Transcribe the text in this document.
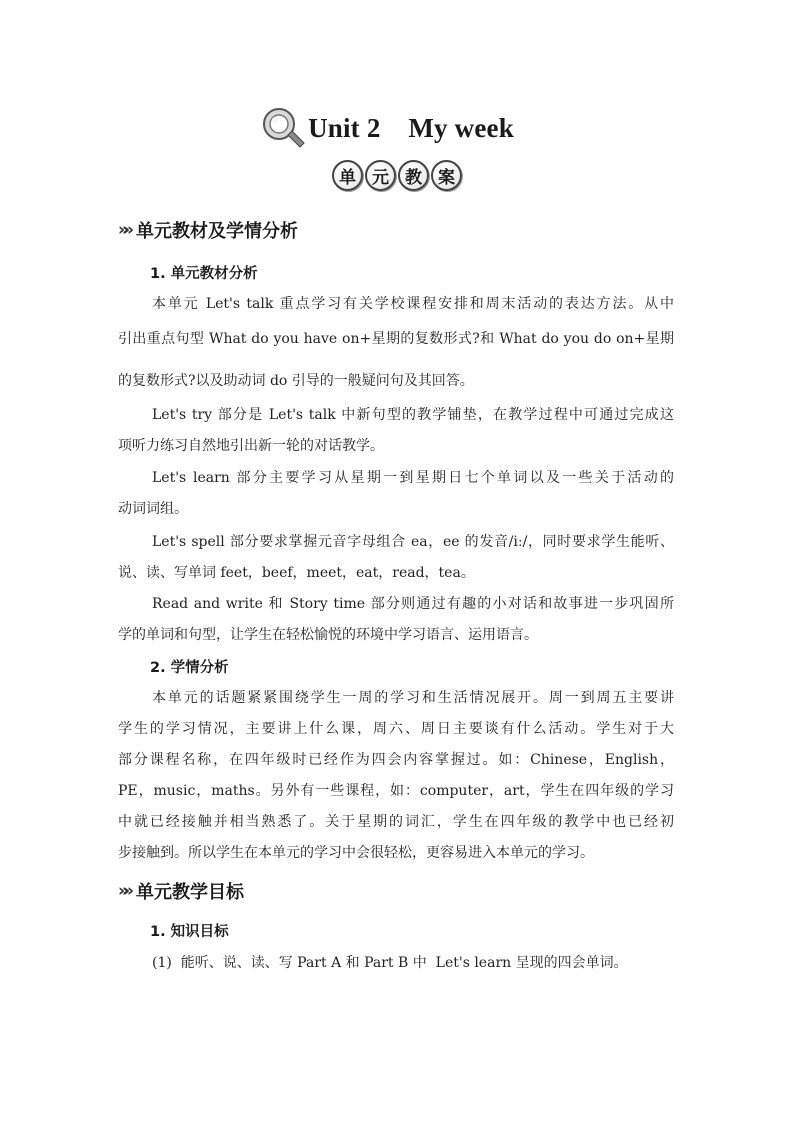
Unit 2    My week
单 元 教 案
»» 单元教材及学情分析
1. 单元教材分析
本单元 Let's talk 重点学习有关学校课程安排和周末活动的表达方法。从中
引出重点句型 What do you have on+星期的复数形式?和 What do you do on+星期
的复数形式?以及助动词 do 引导的一般疑问句及其回答。
Let's try 部分是 Let's talk 中新句型的教学铺垫，在教学过程中可通过完成这
项听力练习自然地引出新一轮的对话教学。
Let's learn 部分主要学习从星期一到星期日七个单词以及一些关于活动的
动词词组。
Let's spell 部分要求掌握元音字母组合 ea，ee 的发音/iː/，同时要求学生能听、
说、读、写单词 feet，beef，meet，eat，read，tea。
Read and write 和 Story time 部分则通过有趣的小对话和故事进一步巩固所
学的单词和句型，让学生在轻松愉悦的环境中学习语言、运用语言。
2. 学情分析
本单元的话题紧紧围绕学生一周的学习和生活情况展开。周一到周五主要讲
学生的学习情况，主要讲上什么课，周六、周日主要谈有什么活动。学生对于大
部分课程名称，在四年级时已经作为四会内容掌握过。如：Chinese，English，
PE，music，maths。另外有一些课程，如：computer，art，学生在四年级的学习
中就已经接触并相当熟悉了。关于星期的词汇，学生在四年级的教学中也已经初
步接触到。所以学生在本单元的学习中会很轻松，更容易进入本单元的学习。
»» 单元教学目标
1. 知识目标
(1)  能听、说、读、写 Part A 和 Part B 中  Let's learn 呈现的四会单词。
